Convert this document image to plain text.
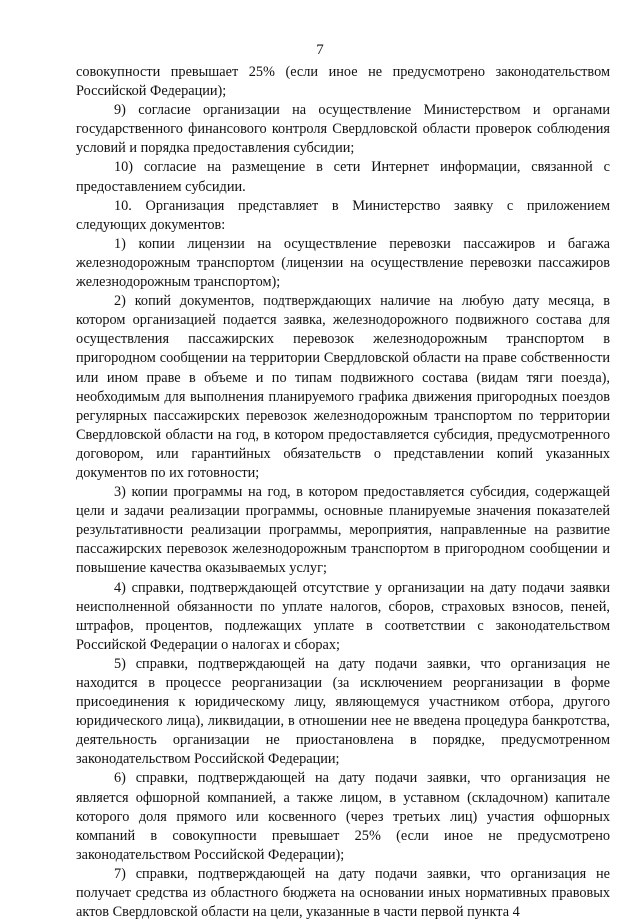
7

совокупности превышает 25% (если иное не предусмотрено законодательством Российской Федерации);

9) согласие организации на осуществление Министерством и органами государственного финансового контроля Свердловской области проверок соблюдения условий и порядка предоставления субсидии;

10) согласие на размещение в сети Интернет информации, связанной с предоставлением субсидии.

10. Организация представляет в Министерство заявку с приложением следующих документов:

1) копии лицензии на осуществление перевозки пассажиров и багажа железнодорожным транспортом (лицензии на осуществление перевозки пассажиров железнодорожным транспортом);

2) копий документов, подтверждающих наличие на любую дату месяца, в котором организацией подается заявка, железнодорожного подвижного состава для осуществления пассажирских перевозок железнодорожным транспортом в пригородном сообщении на территории Свердловской области на праве собственности или ином праве в объеме и по типам подвижного состава (видам тяги поезда), необходимым для выполнения планируемого графика движения пригородных поездов регулярных пассажирских перевозок железнодорожным транспортом по территории Свердловской области на год, в котором предоставляется субсидия, предусмотренного договором, или гарантийных обязательств о представлении копий указанных документов по их готовности;

3) копии программы на год, в котором предоставляется субсидия, содержащей цели и задачи реализации программы, основные планируемые значения показателей результативности реализации программы, мероприятия, направленные на развитие пассажирских перевозок железнодорожным транспортом в пригородном сообщении и повышение качества оказываемых услуг;

4) справки, подтверждающей отсутствие у организации на дату подачи заявки неисполненной обязанности по уплате налогов, сборов, страховых взносов, пеней, штрафов, процентов, подлежащих уплате в соответствии с законодательством Российской Федерации о налогах и сборах;

5) справки, подтверждающей на дату подачи заявки, что организация не находится в процессе реорганизации (за исключением реорганизации в форме присоединения к юридическому лицу, являющемуся участником отбора, другого юридического лица), ликвидации, в отношении нее не введена процедура банкротства, деятельность организации не приостановлена в порядке, предусмотренном законодательством Российской Федерации;

6) справки, подтверждающей на дату подачи заявки, что организация не является офшорной компанией, а также лицом, в уставном (складочном) капитале которого доля прямого или косвенного (через третьих лиц) участия офшорных компаний в совокупности превышает 25% (если иное не предусмотрено законодательством Российской Федерации);

7) справки, подтверждающей на дату подачи заявки, что организация не получает средства из областного бюджета на основании иных нормативных правовых актов Свердловской области на цели, указанные в части первой пункта 4
